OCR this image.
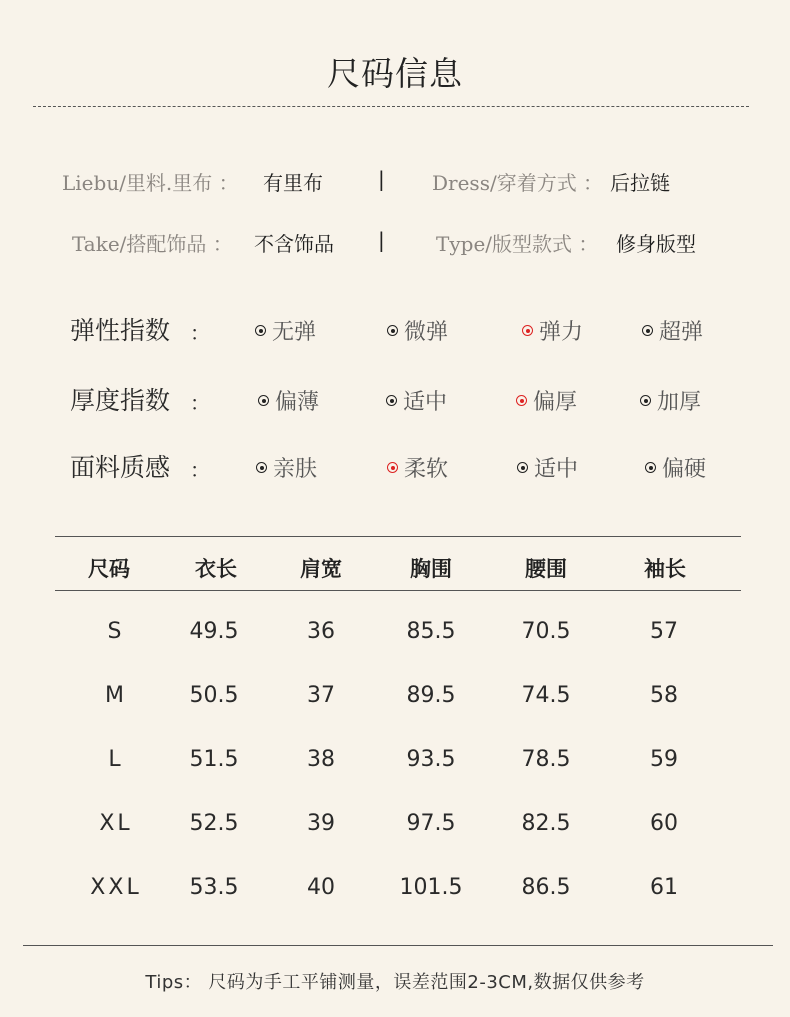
尺码信息
Liebu/里料.里布 ： 有里布	| Dress/穿着方式 ： 后拉链
Take/搭配饰品 ： 不含饰品 |	Type/版型款式 ： 修身版型
弹性指数 ：	无弹	微弹	弹力	超弹
厚度指数 ：	偏薄	适中	偏厚	加厚
面料质感 ：	亲肤	柔软	适中	偏硬
尺码	衣长	肩宽	胸围	腰围	袖长
S	49.5	36	85.5	70.5	57
M	50.5	37	89.5	74.5	58
L	51.5	38	93.5	78.5	59
XL	52.5	39	97.5	82.5	60
XXL	53.5	40	101.5	86.5	61
Tips： 尺码为手工平铺测量，误差范围2-3CM,数据仅供参考
